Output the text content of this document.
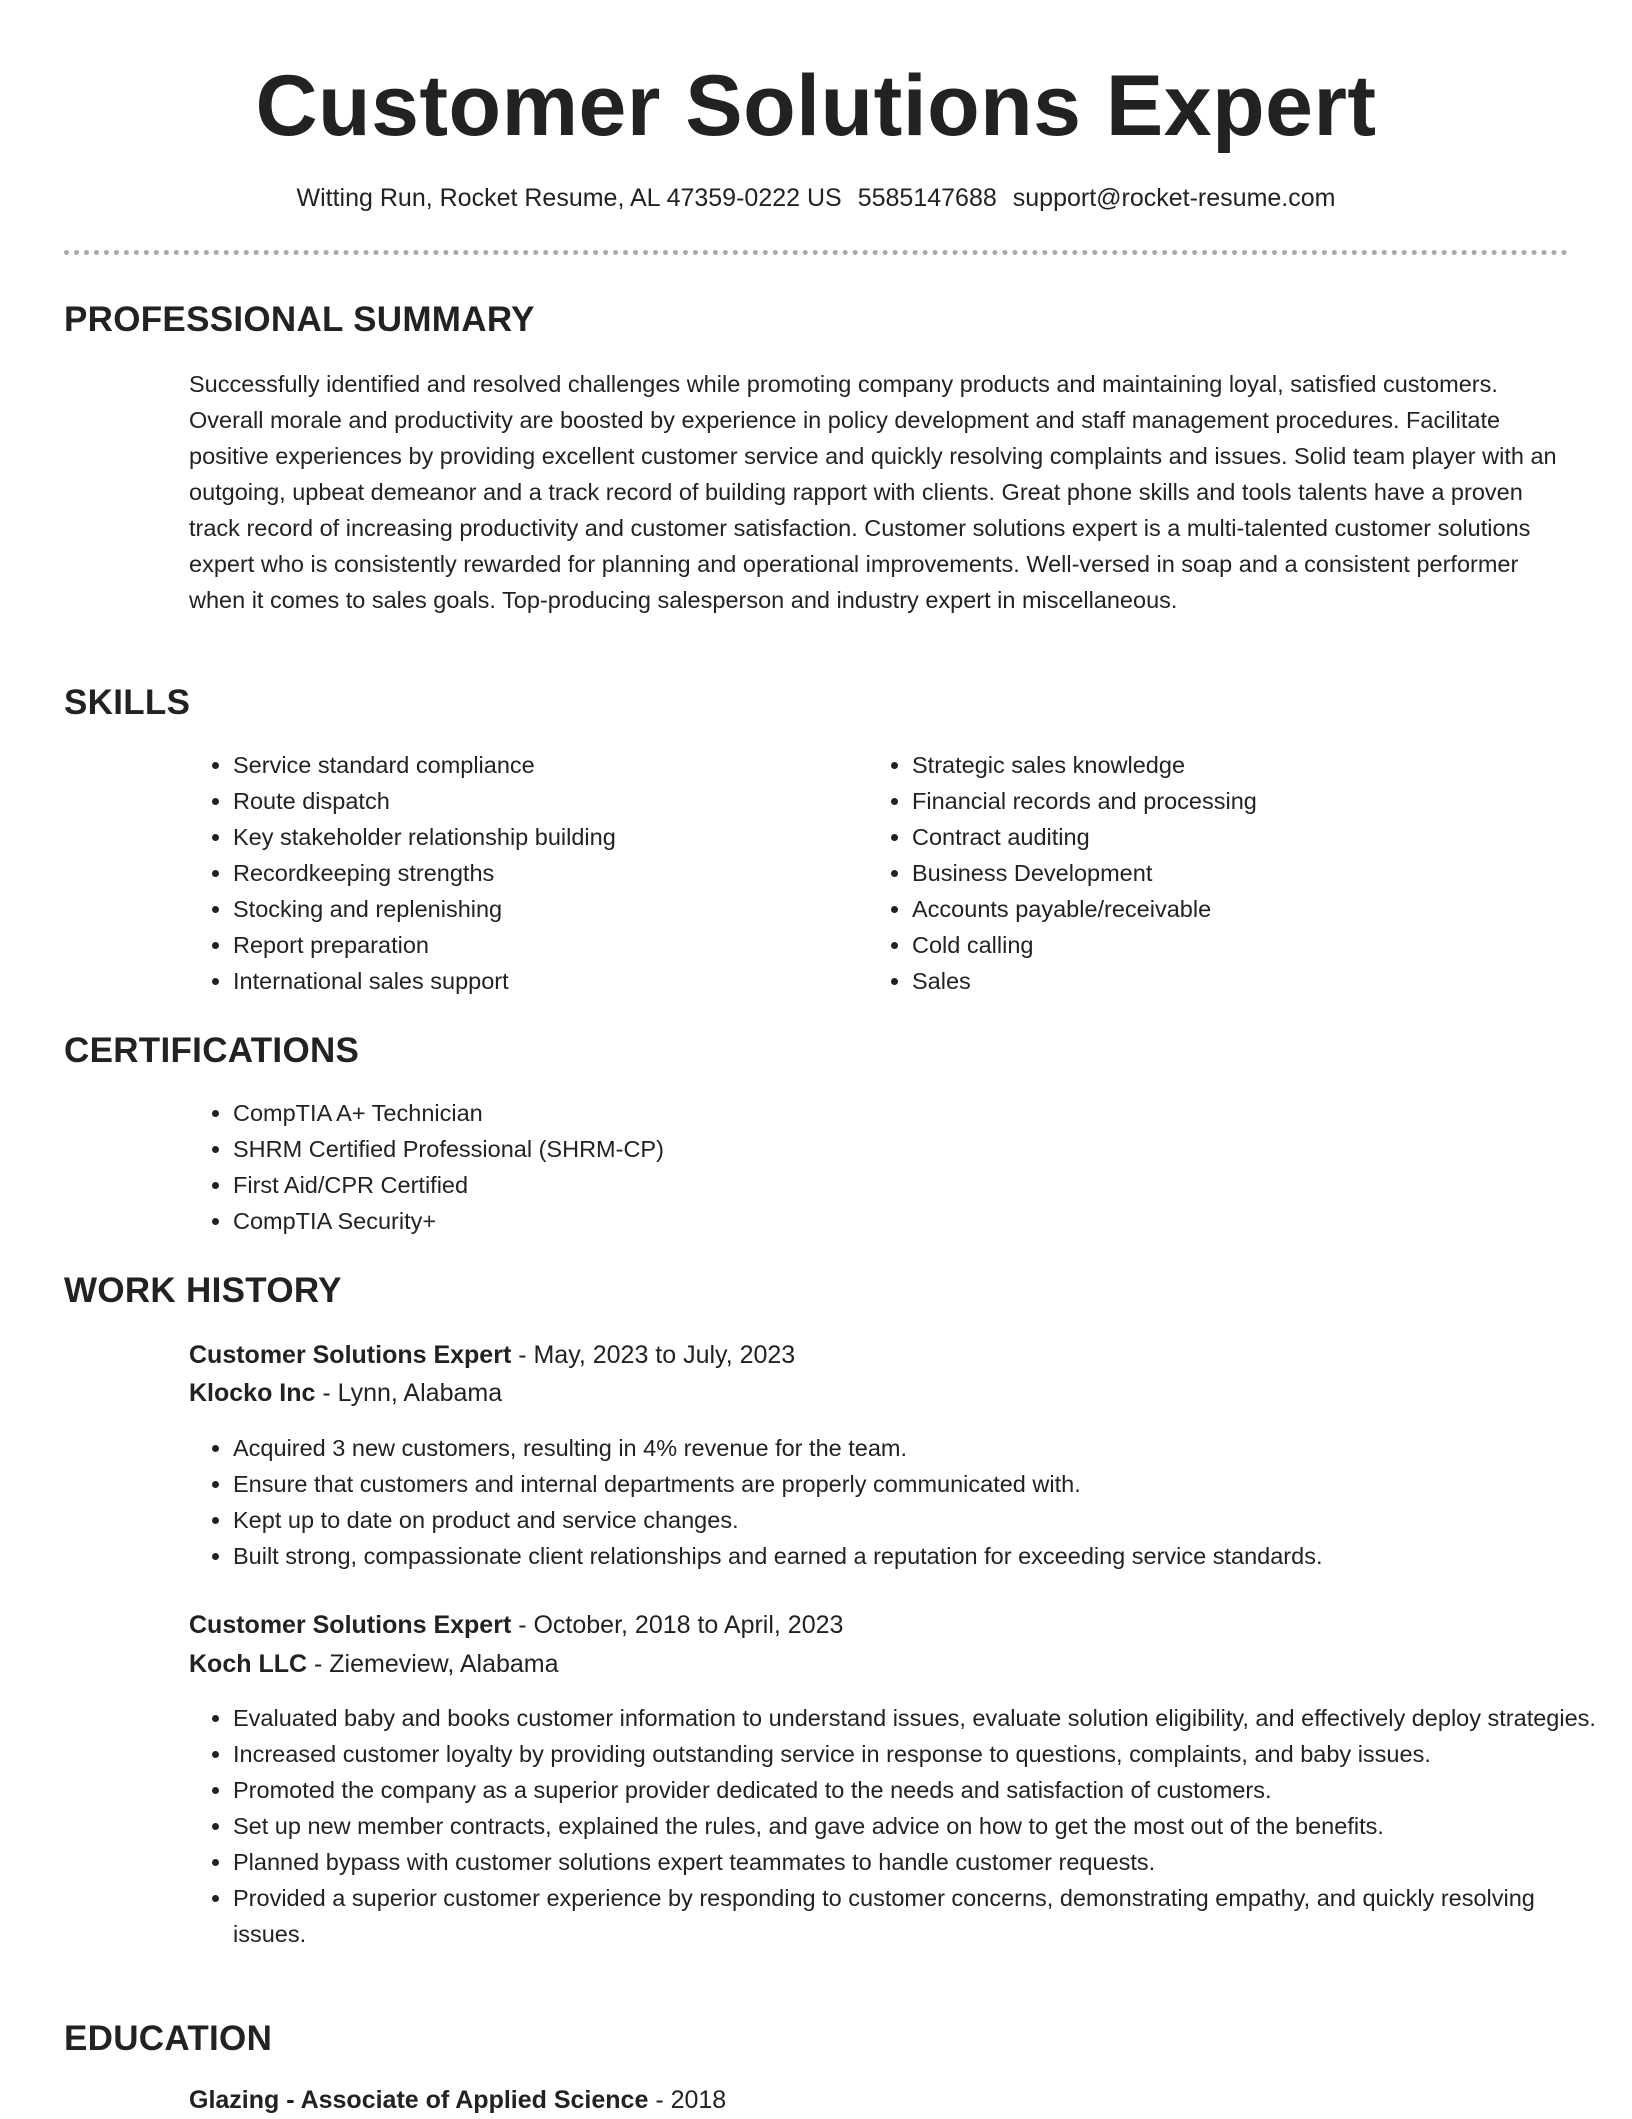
Customer Solutions Expert
Witting Run, Rocket Resume, AL 47359-0222 US 5585147688 support@rocket-resume.com
PROFESSIONAL SUMMARY

Successfully identified and resolved challenges while promoting company products and maintaining loyal, satisfied customers. Overall morale and productivity are boosted by experience in policy development and staff management procedures. Facilitate positive experiences by providing excellent customer service and quickly resolving complaints and issues. Solid team player with an outgoing, upbeat demeanor and a track record of building rapport with clients. Great phone skills and tools talents have a proven track record of increasing productivity and customer satisfaction. Customer solutions expert is a multi-talented customer solutions expert who is consistently rewarded for planning and operational improvements. Well-versed in soap and a consistent performer when it comes to sales goals. Top-producing salesperson and industry expert in miscellaneous.

SKILLS
• Service standard compliance
• Route dispatch
• Key stakeholder relationship building
• Recordkeeping strengths
• Stocking and replenishing
• Report preparation
• International sales support
• Strategic sales knowledge
• Financial records and processing
• Contract auditing
• Business Development
• Accounts payable/receivable
• Cold calling
• Sales
CERTIFICATIONS
• CompTIA A+ Technician
• SHRM Certified Professional (SHRM-CP)
• First Aid/CPR Certified
• CompTIA Security+
WORK HISTORY
Customer Solutions Expert - May, 2023 to July, 2023
Klocko Inc - Lynn, Alabama
• Acquired 3 new customers, resulting in 4% revenue for the team.
• Ensure that customers and internal departments are properly communicated with.
• Kept up to date on product and service changes.
• Built strong, compassionate client relationships and earned a reputation for exceeding service standards.
Customer Solutions Expert - October, 2018 to April, 2023
Koch LLC - Ziemeview, Alabama
• Evaluated baby and books customer information to understand issues, evaluate solution eligibility, and effectively deploy strategies.
• Increased customer loyalty by providing outstanding service in response to questions, complaints, and baby issues.
• Promoted the company as a superior provider dedicated to the needs and satisfaction of customers.
• Set up new member contracts, explained the rules, and gave advice on how to get the most out of the benefits.
• Planned bypass with customer solutions expert teammates to handle customer requests.
• Provided a superior customer experience by responding to customer concerns, demonstrating empathy, and quickly resolving issues.
EDUCATION
Glazing - Associate of Applied Science - 2018
